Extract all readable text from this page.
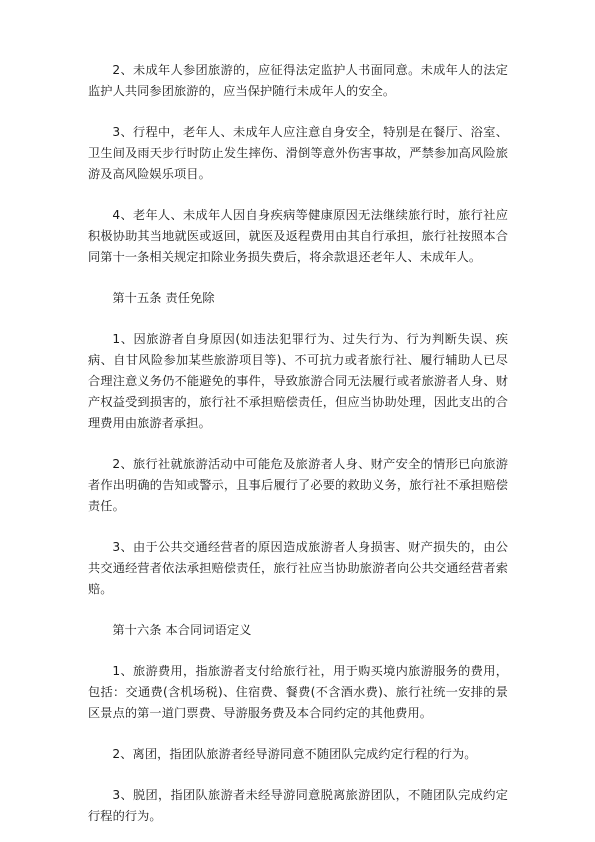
2、未成年人参团旅游的，应征得法定监护人书面同意。未成年人的法定监护人共同参团旅游的，应当保护随行未成年人的安全。

3、行程中，老年人、未成年人应注意自身安全，特别是在餐厅、浴室、卫生间及雨天步行时防止发生摔伤、滑倒等意外伤害事故，严禁参加高风险旅游及高风险娱乐项目。

4、老年人、未成年人因自身疾病等健康原因无法继续旅行时，旅行社应积极协助其当地就医或返回，就医及返程费用由其自行承担，旅行社按照本合同第十一条相关规定扣除业务损失费后，将余款退还老年人、未成年人。

第十五条 责任免除

1、因旅游者自身原因(如违法犯罪行为、过失行为、行为判断失误、疾病、自甘风险参加某些旅游项目等)、不可抗力或者旅行社、履行辅助人已尽合理注意义务仍不能避免的事件，导致旅游合同无法履行或者旅游者人身、财产权益受到损害的，旅行社不承担赔偿责任，但应当协助处理，因此支出的合理费用由旅游者承担。

2、旅行社就旅游活动中可能危及旅游者人身、财产安全的情形已向旅游者作出明确的告知或警示，且事后履行了必要的救助义务，旅行社不承担赔偿责任。

3、由于公共交通经营者的原因造成旅游者人身损害、财产损失的，由公共交通经营者依法承担赔偿责任，旅行社应当协助旅游者向公共交通经营者索赔。

第十六条 本合同词语定义

1、旅游费用，指旅游者支付给旅行社，用于购买境内旅游服务的费用，包括：交通费(含机场税)、住宿费、餐费(不含酒水费)、旅行社统一安排的景区景点的第一道门票费、导游服务费及本合同约定的其他费用。

2、离团，指团队旅游者经导游同意不随团队完成约定行程的行为。

3、脱团，指团队旅游者未经导游同意脱离旅游团队，不随团队完成约定行程的行为。
